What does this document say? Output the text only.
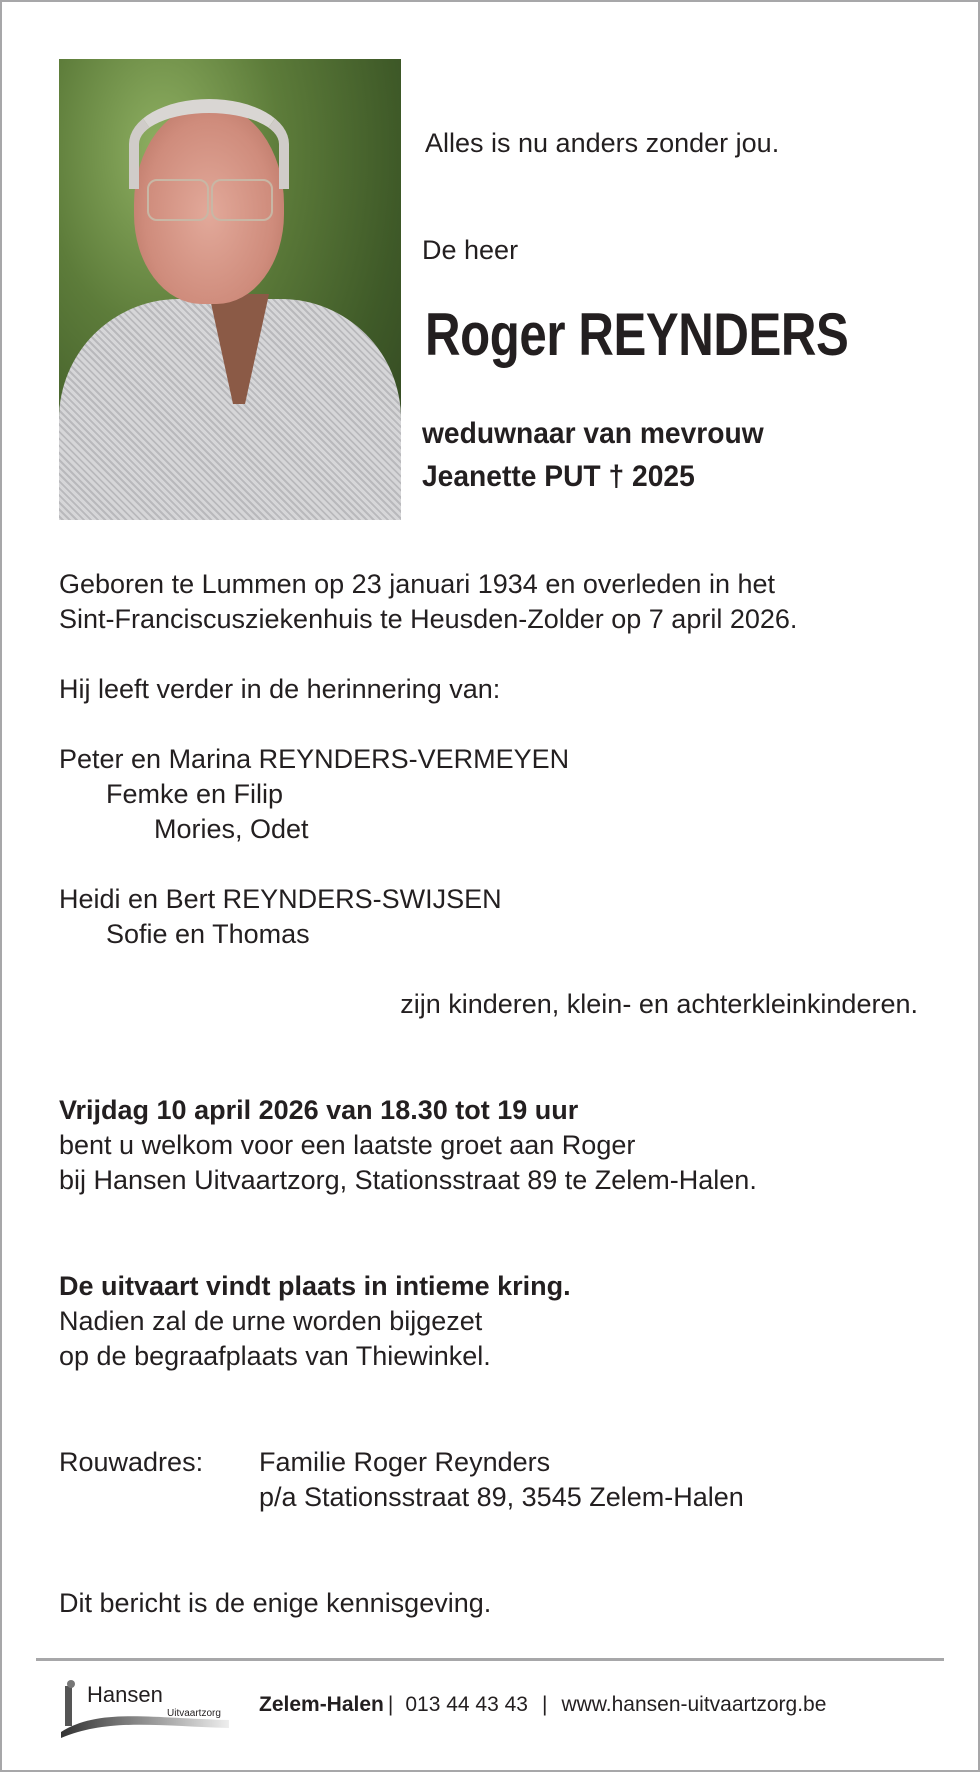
Alles is nu anders zonder jou.
De heer
Roger REYNDERS
weduwnaar van mevrouw
Jeanette PUT † 2025
Geboren te Lummen op 23 januari 1934 en overleden in het
Sint-Franciscusziekenhuis te Heusden-Zolder op 7 april 2026.
Hij leeft verder in de herinnering van:
Peter en Marina REYNDERS-VERMEYEN
Femke en Filip
Mories, Odet
Heidi en Bert REYNDERS-SWIJSEN
Sofie en Thomas
zijn kinderen, klein- en achterkleinkinderen.
Vrijdag 10 april 2026 van 18.30 tot 19 uur
bent u welkom voor een laatste groet aan Roger
bij Hansen Uitvaartzorg, Stationsstraat 89 te Zelem-Halen.
De uitvaart vindt plaats in intieme kring.
Nadien zal de urne worden bijgezet
op de begraafplaats van Thiewinkel.
Rouwadres:	Familie Roger Reynders
p/a Stationsstraat 89, 3545 Zelem-Halen
Dit bericht is de enige kennisgeving.
Hansen
Uitvaartzorg Zelem-Halen | 013 44 43 43 | www.hansen-uitvaartzorg.be
